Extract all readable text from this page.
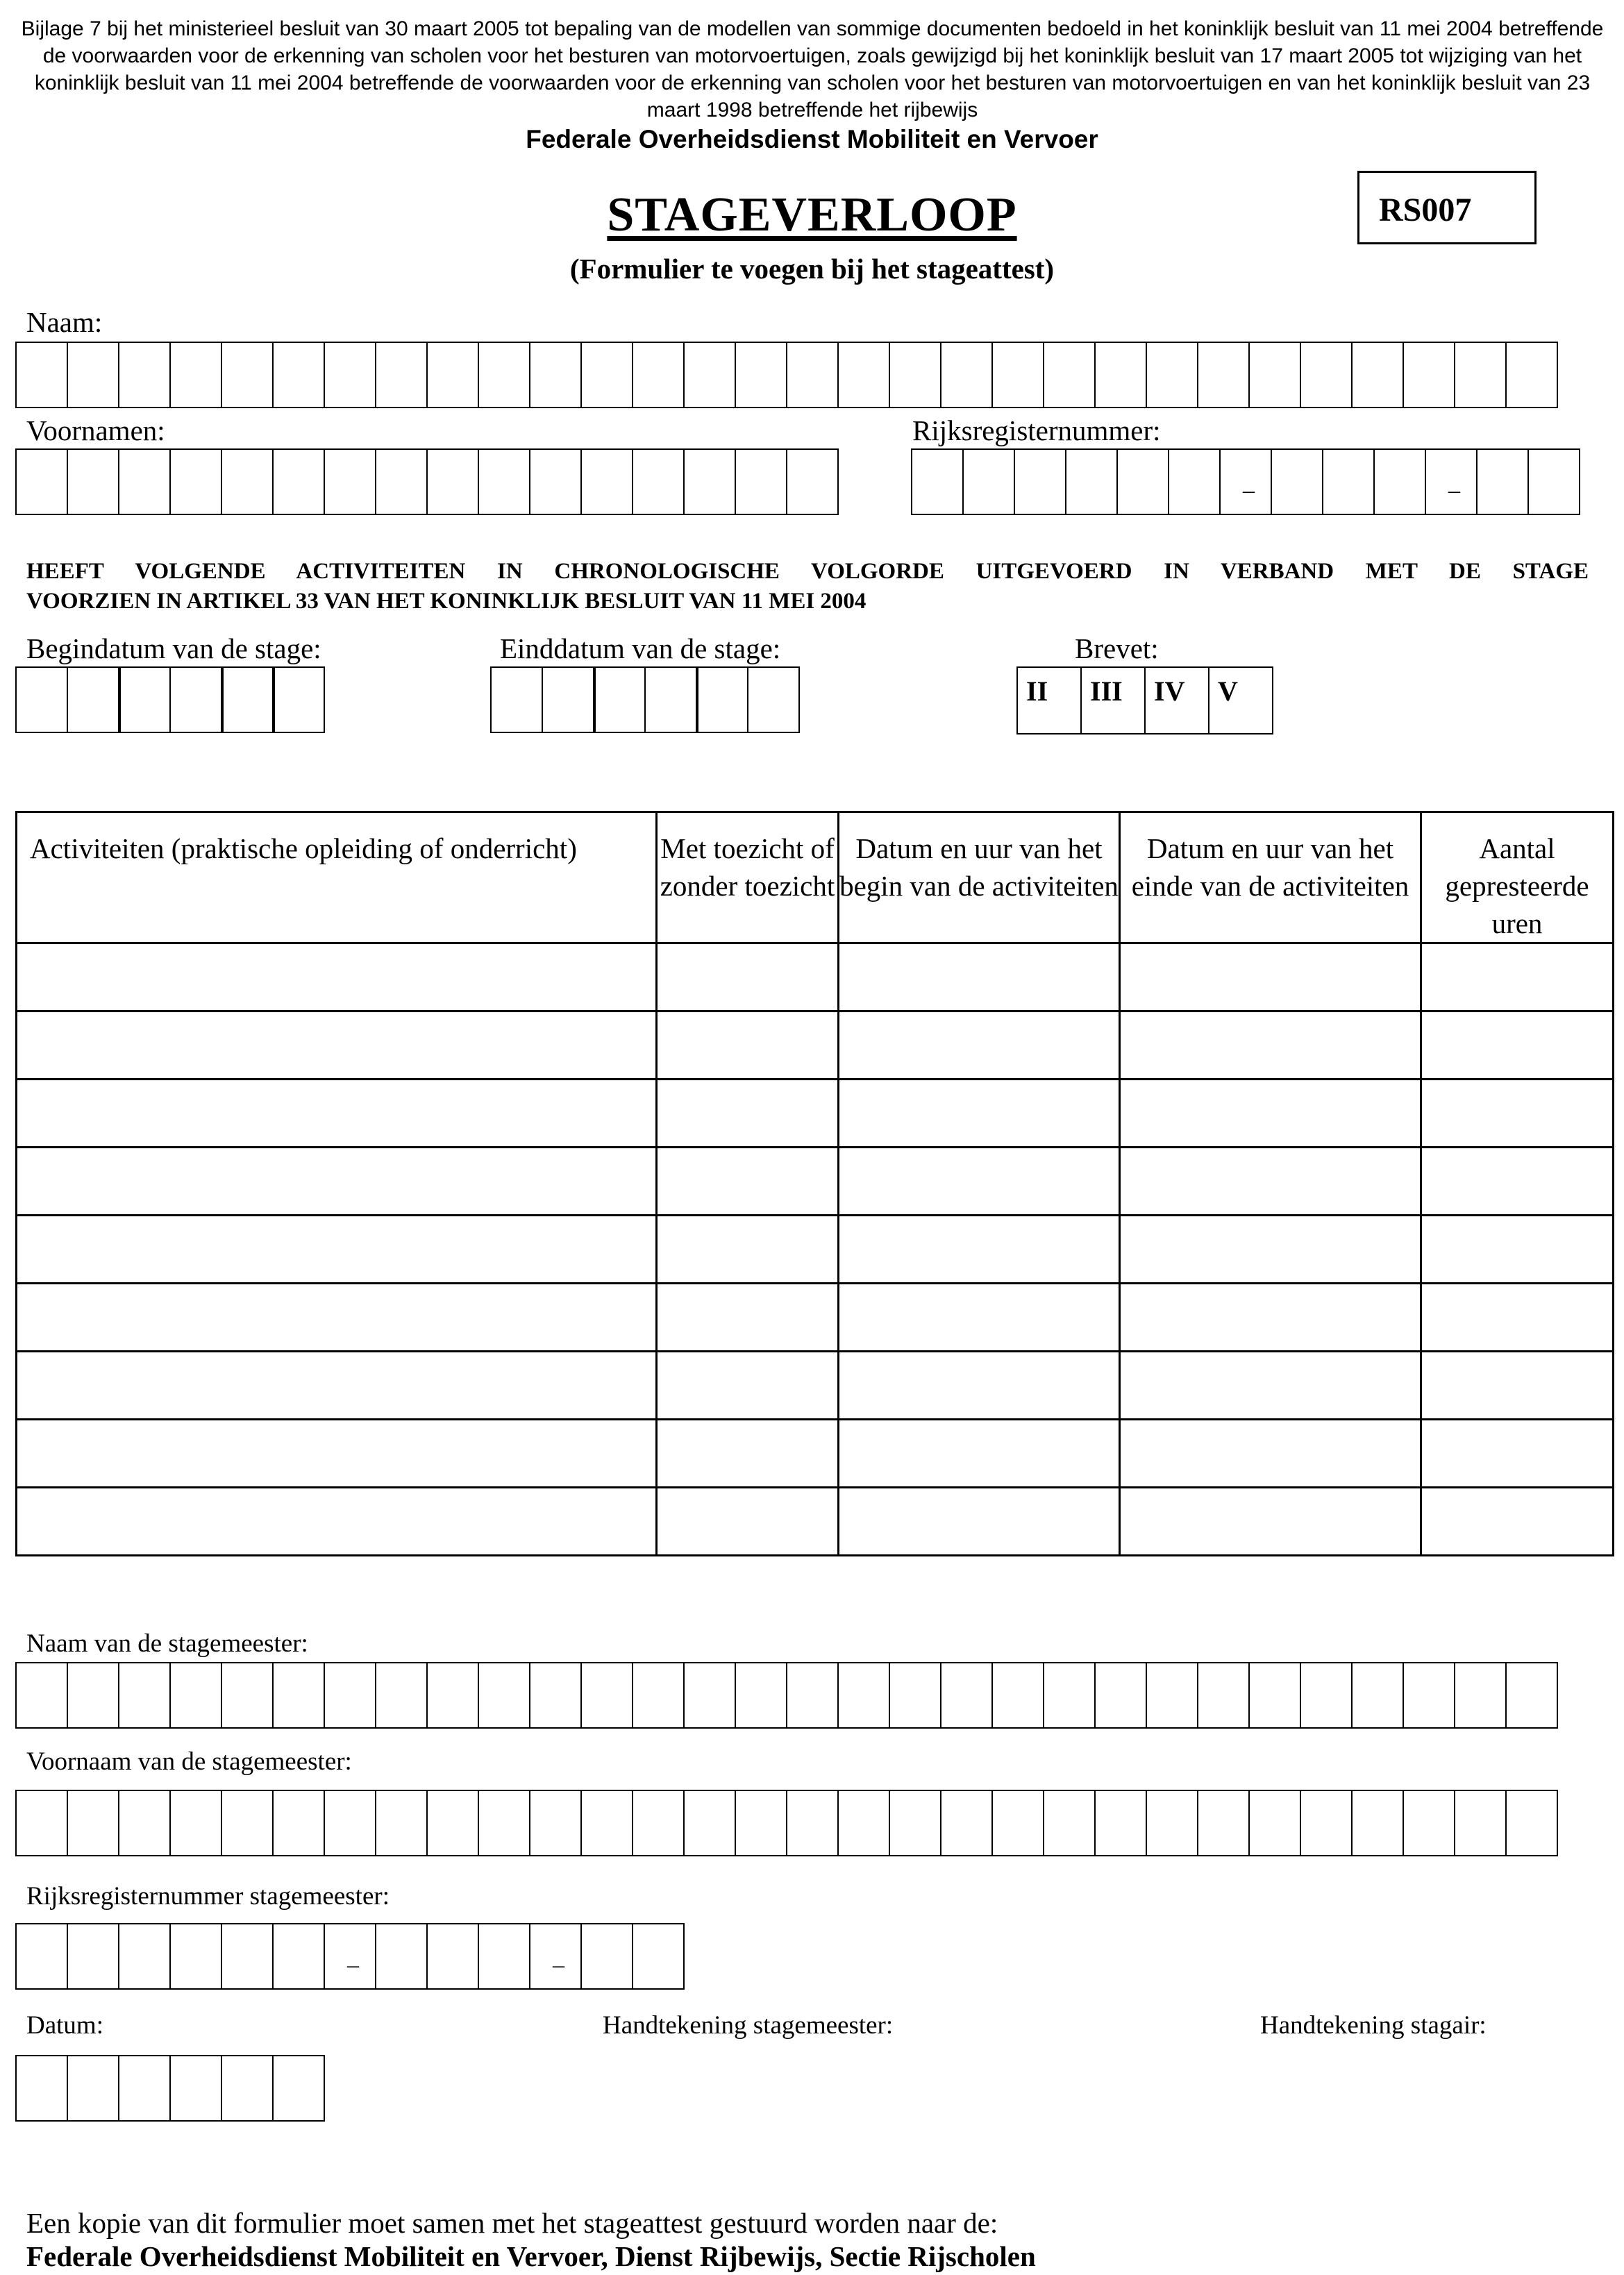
Bijlage 7 bij het ministerieel besluit van 30 maart 2005 tot bepaling van de modellen van sommige documenten bedoeld in het koninklijk besluit van 11 mei 2004 betreffende de voorwaarden voor de erkenning van scholen voor het besturen van motorvoertuigen, zoals gewijzigd bij het koninklijk besluit van 17 maart 2005 tot wijziging van het koninklijk besluit van 11 mei 2004 betreffende de voorwaarden voor de erkenning van scholen voor het besturen van motorvoertuigen en van het koninklijk besluit van 23 maart 1998 betreffende het rijbewijs
Federale Overheidsdienst Mobiliteit en Vervoer
STAGEVERLOOP
(Formulier te voegen bij het stageattest)
RS007
Naam:
Voornamen:	Rijksregisternummer:
–	–
HEEFT VOLGENDE ACTIVITEITEN IN CHRONOLOGISCHE VOLGORDE UITGEVOERD IN VERBAND MET DE STAGE
VOORZIEN IN ARTIKEL 33 VAN HET KONINKLIJK BESLUIT VAN 11 MEI 2004
Begindatum van de stage:	Einddatum van de stage:	Brevet:
II III IV V
Activiteiten (praktische opleiding of onderricht)	Met toezicht of zonder toezicht	Datum en uur van het begin van de activiteiten	Datum en uur van het einde van de activiteiten	Aantal gepresteerde uren

Naam van de stagemeester:
Voornaam van de stagemeester:
Rijksregisternummer stagemeester:
–	–
Datum:	Handtekening stagemeester:	Handtekening stagair:
Een kopie van dit formulier moet samen met het stageattest gestuurd worden naar de:
Federale Overheidsdienst Mobiliteit en Vervoer, Dienst Rijbewijs, Sectie Rijscholen
